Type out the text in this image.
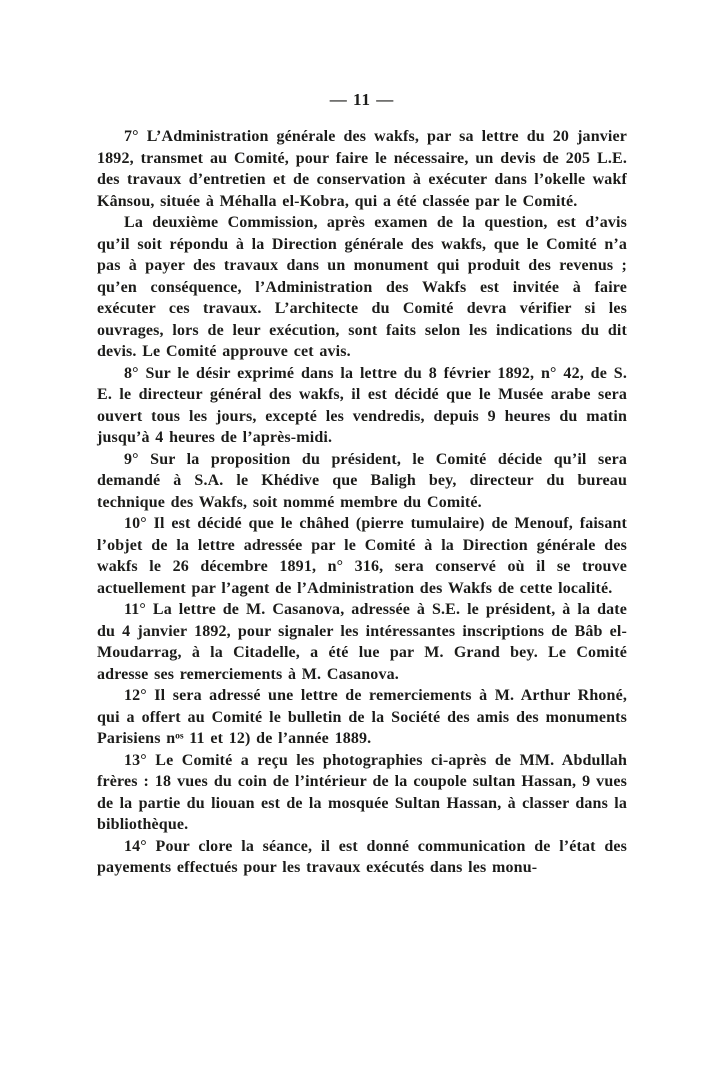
— 11 —

7° L’Administration générale des wakfs, par sa lettre du 20 janvier 1892, transmet au Comité, pour faire le nécessaire, un devis de 205 L.E. des travaux d’entretien et de conservation à exécuter dans l’okelle wakf Kânsou, située à Méhalla el-Kobra, qui a été classée par le Comité.

La deuxième Commission, après examen de la question, est d’avis qu’il soit répondu à la Direction générale des wakfs, que le Comité n’a pas à payer des travaux dans un monument qui produit des revenus ; qu’en conséquence, l’Administration des Wakfs est invitée à faire exécuter ces travaux. L’architecte du Comité devra vérifier si les ouvrages, lors de leur exécution, sont faits selon les indications du dit devis. Le Comité approuve cet avis.

8° Sur le désir exprimé dans la lettre du 8 février 1892, n° 42, de S. E. le directeur général des wakfs, il est décidé que le Musée arabe sera ouvert tous les jours, excepté les vendredis, depuis 9 heures du matin jusqu’à 4 heures de l’après-midi.

9° Sur la proposition du président, le Comité décide qu’il sera demandé à S.A. le Khédive que Baligh bey, directeur du bureau technique des Wakfs, soit nommé membre du Comité.

10° Il est décidé que le châhed (pierre tumulaire) de Menouf, faisant l’objet de la lettre adressée par le Comité à la Direction générale des wakfs le 26 décembre 1891, n° 316, sera conservé où il se trouve actuellement par l’agent de l’Administration des Wakfs de cette localité.

11° La lettre de M. Casanova, adressée à S.E. le président, à la date du 4 janvier 1892, pour signaler les intéressantes inscriptions de Bâb el-Moudarrag, à la Citadelle, a été lue par M. Grand bey. Le Comité adresse ses remerciements à M. Casanova.

12° Il sera adressé une lettre de remerciements à M. Arthur Rhoné, qui a offert au Comité le bulletin de la Société des amis des monuments Parisiens nᵒˢ 11 et 12) de l’année 1889.

13° Le Comité a reçu les photographies ci-après de MM. Abdullah frères : 18 vues du coin de l’intérieur de la coupole sultan Hassan, 9 vues de la partie du liouan est de la mosquée Sultan Hassan, à classer dans la bibliothèque.

14° Pour clore la séance, il est donné communication de l’état des payements effectués pour les travaux exécutés dans les monu-
